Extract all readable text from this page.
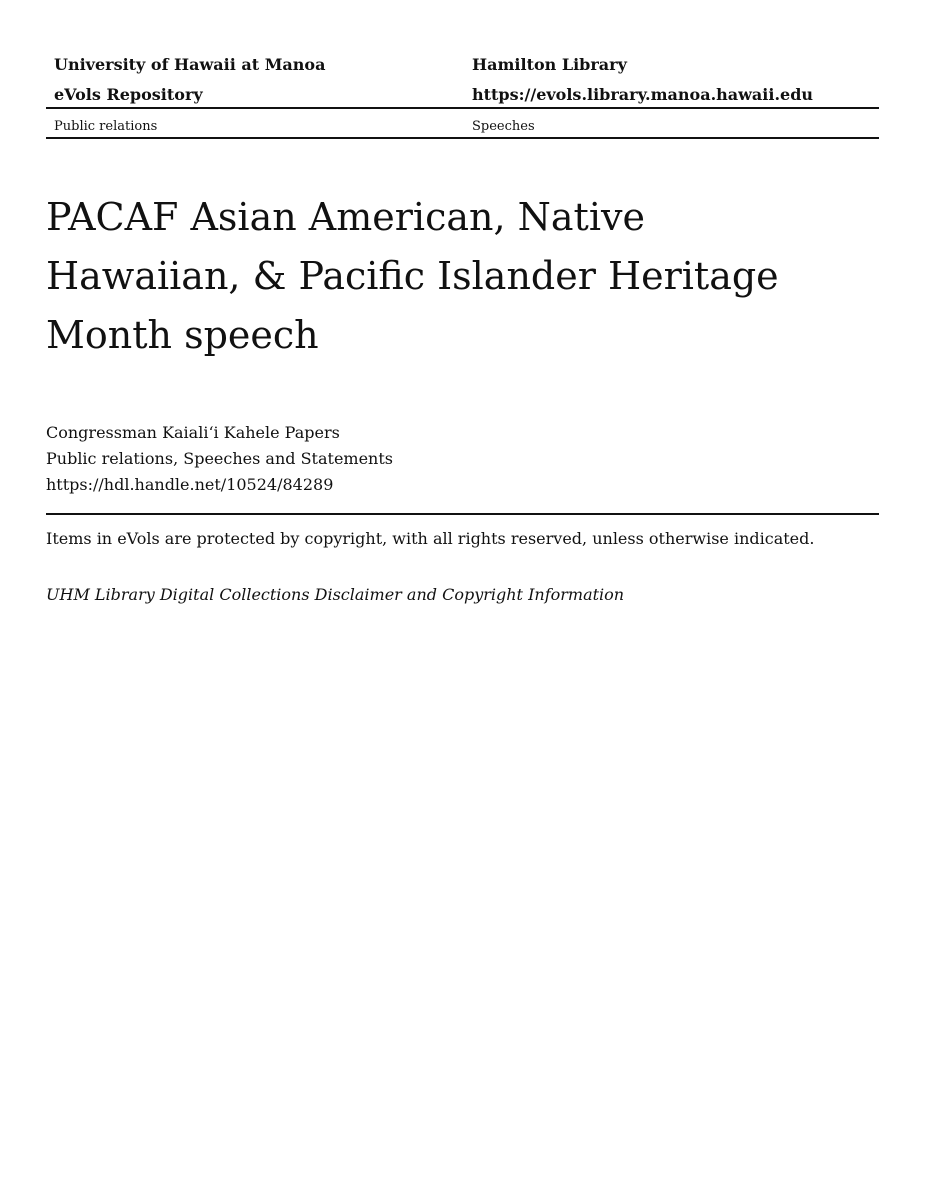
University of Hawaii at Manoa	Hamilton Library
eVols Repository	https://evols.library.manoa.hawaii.edu
Public relations	Speeches
PACAF Asian American, Native
Hawaiian, & Pacific Islander Heritage
Month speech
Congressman Kaiali‘i Kahele Papers
Public relations, Speeches and Statements
https://hdl.handle.net/10524/84289
Items in eVols are protected by copyright, with all rights reserved, unless otherwise indicated.
UHM Library Digital Collections Disclaimer and Copyright Information
